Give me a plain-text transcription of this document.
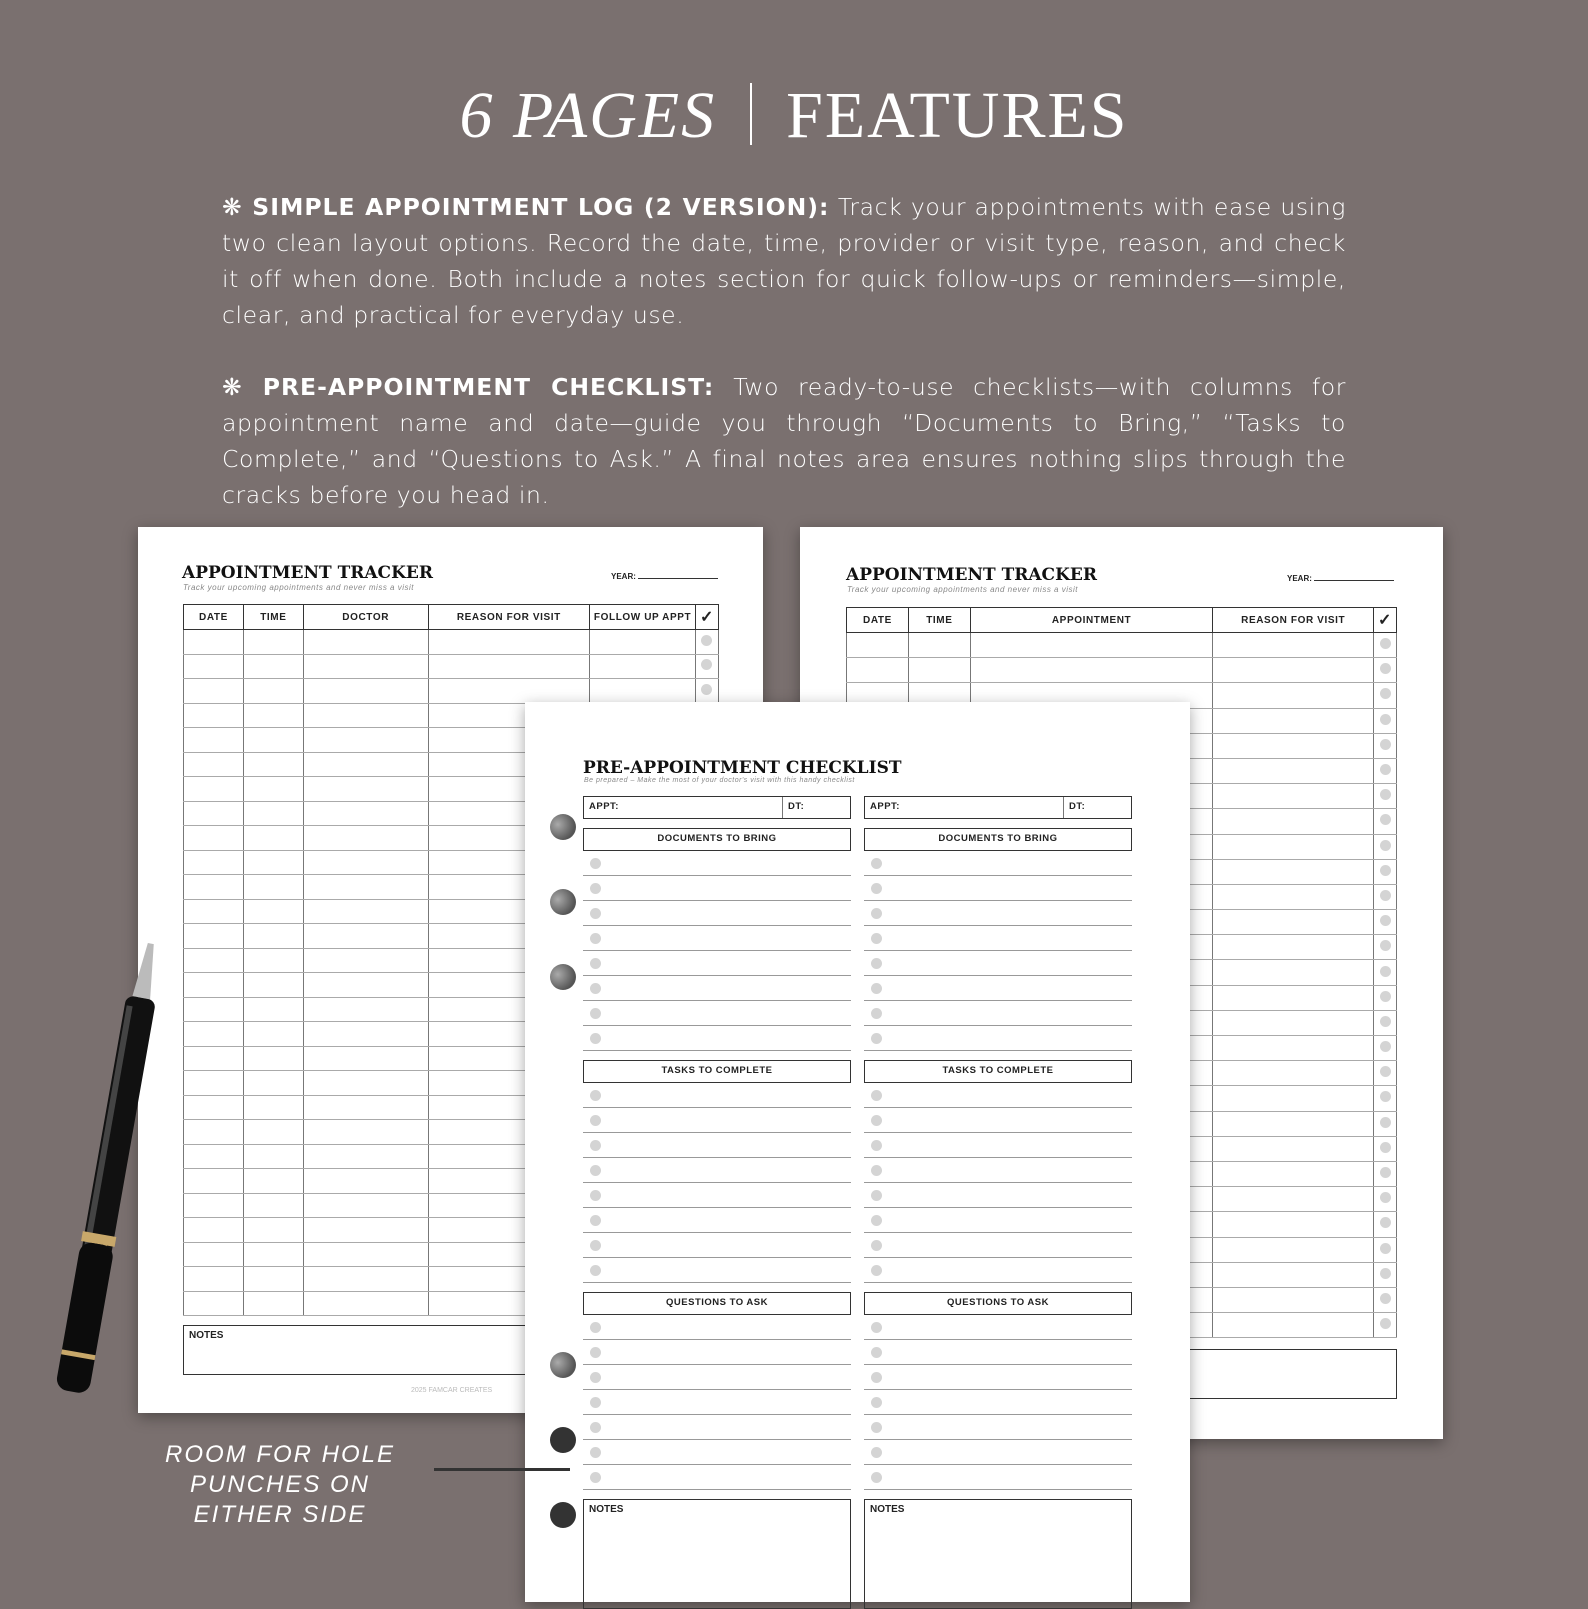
6 PAGES FEATURES

❋ SIMPLE APPOINTMENT LOG (2 VERSION): Track your appointments with ease using two clean layout options. Record the date, time, provider or visit type, reason, and check it off when done. Both include a notes section for quick follow-ups or reminders—simple, clear, and practical for everyday use.

❋ PRE-APPOINTMENT CHECKLIST: Two ready-to-use checklists—with columns for appointment name and date—guide you through “Documents to Bring,” “Tasks to Complete,” and “Questions to Ask.” A final notes area ensures nothing slips through the cracks before you head in.

APPOINTMENT TRACKER
Track your upcoming appointments and never miss a visit
YEAR:
DATE	TIME	DOCTOR	REASON FOR VISIT	FOLLOW UP APPT	✓

NOTES
2025 FAMCAR CREATES
APPOINTMENT TRACKER
Track your upcoming appointments and never miss a visit
YEAR:
DATE	TIME	APPOINTMENT	REASON FOR VISIT	✓

PRE-APPOINTMENT CHECKLIST
Be prepared – Make the most of your doctor's visit with this handy checklist
APPT:	DT:
DOCUMENTS TO BRING
TASKS TO COMPLETE
QUESTIONS TO ASK
NOTES
APPT:	DT:
DOCUMENTS TO BRING
TASKS TO COMPLETE
QUESTIONS TO ASK
NOTES
ROOM FOR HOLE PUNCHES ON EITHER SIDE
